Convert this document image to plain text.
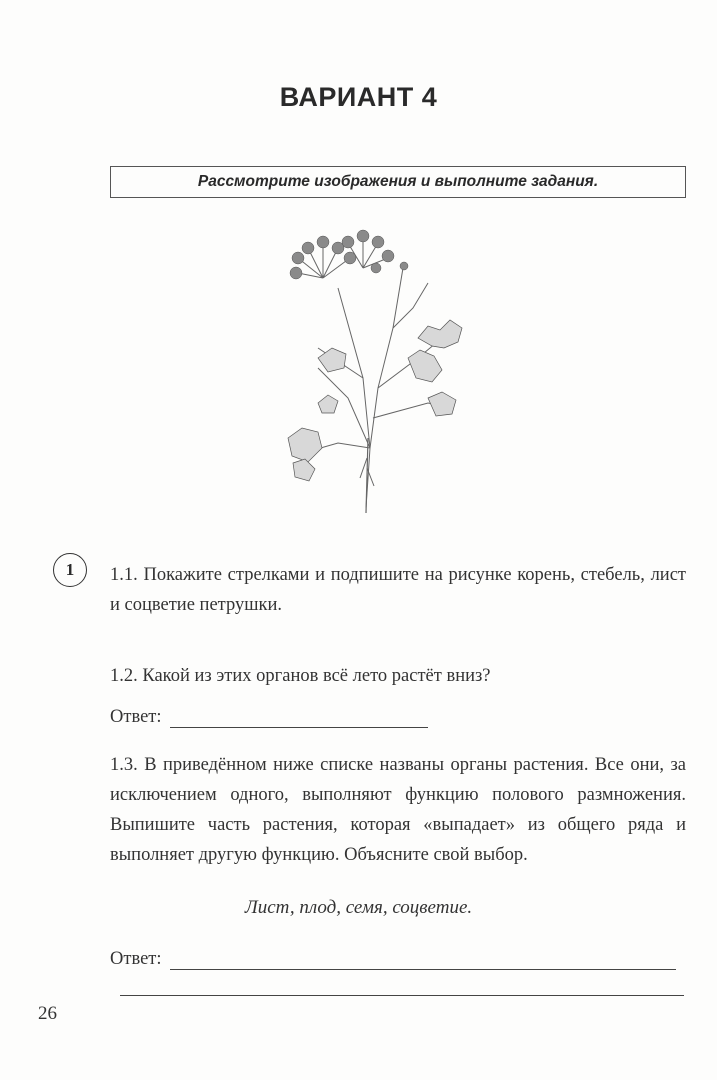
ВАРИАНТ 4
Рассмотрите изображения и выполните задания.
1	1.1. Покажите стрелками и подпишите на рисунке корень, стебель, лист и соцветие петрушки.
1.2. Какой из этих органов всё лето растёт вниз?
Ответ:
1.3. В приведённом ниже списке названы органы растения. Все они, за исключением одного, выполняют функцию полового размножения. Выпишите часть растения, которая «выпадает» из общего ряда и выполняет другую функцию. Объясните свой выбор.
Лист, плод, семя, соцветие.
Ответ:
26
